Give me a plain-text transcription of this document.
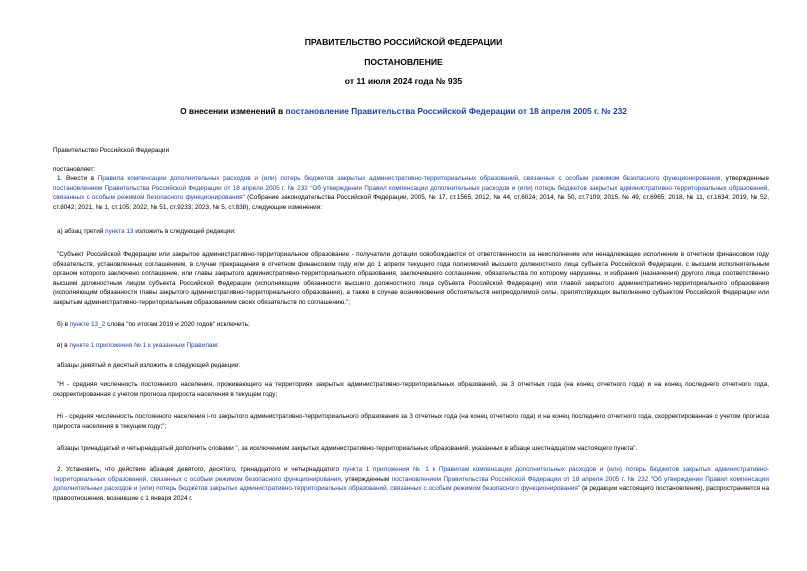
ПРАВИТЕЛЬСТВО РОССИЙСКОЙ ФЕДЕРАЦИИ
ПОСТАНОВЛЕНИЕ
от 11 июля 2024 года № 935
О внесении изменений в постановление Правительства Российской Федерации от 18 апреля 2005 г. № 232

Правительство Российской Федерации

постановляет:

1. Внести в Правила компенсации дополнительных расходов и (или) потерь бюджетов закрытых административно-территориальных образований, связанных с особым режимом безопасного функционирования, утвержденные постановлением Правительства Российской Федерации от 18 апреля 2005 г. № 232 "Об утверждении Правил компенсации дополнительных расходов и (или) потерь бюджетов закрытых административно-территориальных образований, связанных с особым режимом безопасного функционирования" (Собрание законодательства Российской Федерации, 2005, № 17, ст.1565; 2012, № 44, ст.6024; 2014, № 50, ст.7109; 2015, № 49, ст.6965; 2018, № 11, ст.1634; 2019, № 52, ст.8042; 2021, № 1, ст.105; 2022, № 51, ст.9233; 2023, № 5, ст.838), следующие изменения:

а) абзац третий пункта 13 изложить в следующей редакции:

"Субъект Российской Федерации или закрытое административно-территориальное образование - получатели дотации освобождаются от ответственности за неисполнение или ненадлежащее исполнение в отчетном финансовом году обязательств, установленных соглашением, в случае прекращения в отчетном финансовом году или до 1 апреля текущего года полномочий высшего должностного лица субъекта Российской Федерации, с высшим исполнительным органом которого заключено соглашение, или главы закрытого административно-территориального образования, заключившего соглашение, обязательства по которому нарушены, и избрания (назначения) другого лица соответственно высшим должностным лицом субъекта Российской Федерации (исполняющим обязанности высшего должностного лица субъекта Российской Федерации) или главой закрытого административно-территориального образования (исполняющим обязанности главы закрытого административно-территориального образования), а также в случае возникновения обстоятельств непреодолимой силы, препятствующих выполнению субъектом Российской Федерации или закрытым административно-территориальным образованием своих обязательств по соглашению.";

б) в пункте 13_2 слова "по итогам 2019 и 2020 годов" исключить;

в) в пункте 1 приложения № 1 к указанным Правилам:

абзацы девятый и десятый изложить в следующей редакции:

"Н - средняя численность постоянного населения, проживающего на территориях закрытых административно-территориальных образований, за 3 отчетных года (на конец отчетного года) и на конец последнего отчетного года, скорректированная с учетом прогноза прироста населения в текущем году;

Hi - средняя численность постоянного населения i-го закрытого административно-территориального образования за 3 отчетных года (на конец отчетного года) и на конец последнего отчетного года, скорректированная с учетом прогноза прироста населения в текущем году;";

абзацы тринадцатый и четырнадцатый дополнить словами ", за исключением закрытых административно-территориальных образований, указанных в абзаце шестнадцатом настоящего пункта".

2. Установить, что действие абзацев девятого, десятого, тринадцатого и четырнадцатого пункта 1 приложения № 1 к Правилам компенсации дополнительных расходов и (или) потерь бюджетов закрытых административно-территориальных образований, связанных с особым режимом безопасного функционирования, утвержденным постановлением Правительства Российской Федерации от 18 апреля 2005 г. № 232 "Об утверждении Правил компенсации дополнительных расходов и (или) потерь бюджетов закрытых административно-территориальных образований, связанных с особым режимом безопасного функционирования" (в редакции настоящего постановления), распространяется на правоотношения, возникшие с 1 января 2024 г.
